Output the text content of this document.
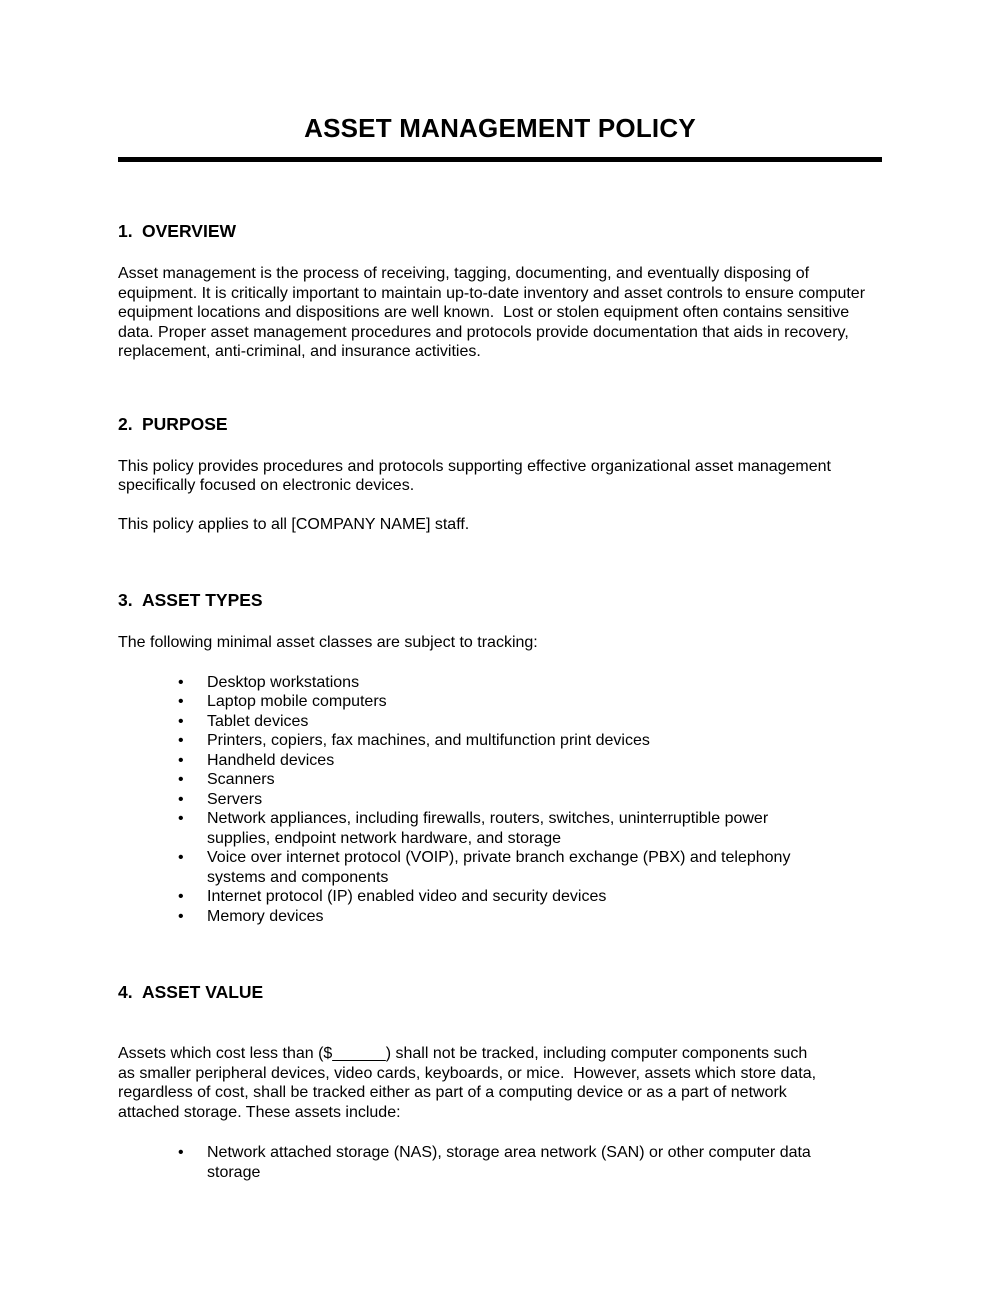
ASSET MANAGEMENT POLICY
1. OVERVIEW

Asset management is the process of receiving, tagging, documenting, and eventually disposing of equipment. It is critically important to maintain up-to-date inventory and asset controls to ensure computer equipment locations and dispositions are well known.  Lost or stolen equipment often contains sensitive data. Proper asset management procedures and protocols provide documentation that aids in recovery, replacement, anti-criminal, and insurance activities.

2. PURPOSE

This policy provides procedures and protocols supporting effective organizational asset management specifically focused on electronic devices.

This policy applies to all [COMPANY NAME] staff.

3. ASSET TYPES

The following minimal asset classes are subject to tracking:

• Desktop workstations
• Laptop mobile computers
• Tablet devices
• Printers, copiers, fax machines, and multifunction print devices
• Handheld devices
• Scanners
• Servers
• Network appliances, including firewalls, routers, switches, uninterruptible power supplies, endpoint network hardware, and storage
• Voice over internet protocol (VOIP), private branch exchange (PBX) and telephony systems and components
• Internet protocol (IP) enabled video and security devices
• Memory devices
4. ASSET VALUE

Assets which cost less than ($______) shall not be tracked, including computer components such as smaller peripheral devices, video cards, keyboards, or mice.  However, assets which store data, regardless of cost, shall be tracked either as part of a computing device or as a part of network attached storage. These assets include:

• Network attached storage (NAS), storage area network (SAN) or other computer data storage
